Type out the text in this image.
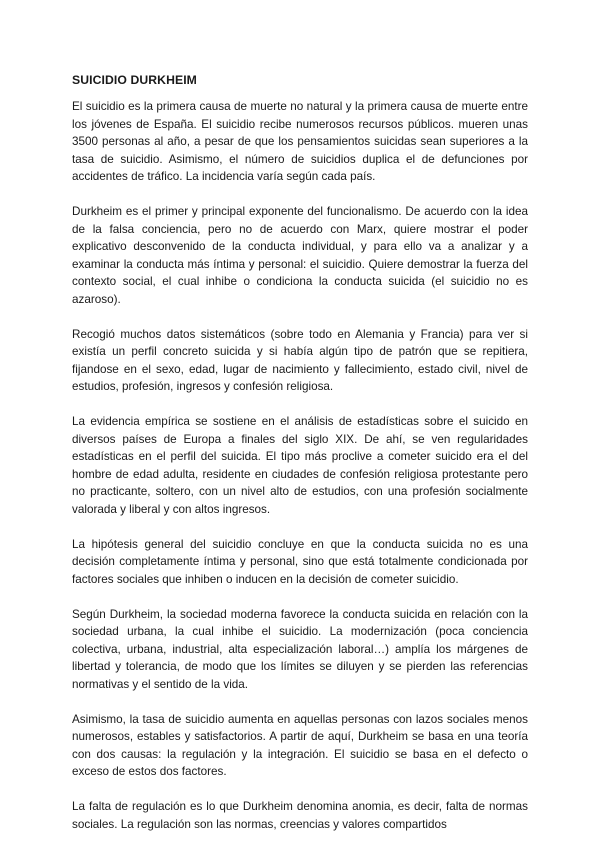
SUICIDIO DURKHEIM

El suicidio es la primera causa de muerte no natural y la primera causa de muerte entre los jóvenes de España. El suicidio recibe numerosos recursos públicos. mueren unas 3500 personas al año, a pesar de que los pensamientos suicidas sean superiores a la tasa de suicidio. Asimismo, el número de suicidios duplica el de defunciones por accidentes de tráfico. La incidencia varía según cada país.

Durkheim es el primer y principal exponente del funcionalismo. De acuerdo con la idea de la falsa conciencia, pero no de acuerdo con Marx, quiere mostrar el poder explicativo desconvenido de la conducta individual, y para ello va a analizar y a examinar la conducta más íntima y personal: el suicidio. Quiere demostrar la fuerza del contexto social, el cual inhibe o condiciona la conducta suicida (el suicidio no es azaroso).

Recogió muchos datos sistemáticos (sobre todo en Alemania y Francia) para ver si existía un perfil concreto suicida y si había algún tipo de patrón que se repitiera, fijandose en el sexo, edad, lugar de nacimiento y fallecimiento, estado civil, nivel de estudios, profesión, ingresos y confesión religiosa.

La evidencia empírica se sostiene en el análisis de estadísticas sobre el suicido en diversos países de Europa a finales del siglo XIX. De ahí, se ven regularidades estadísticas en el perfil del suicida. El tipo más proclive a cometer suicido era el del hombre de edad adulta, residente en ciudades de confesión religiosa protestante pero no practicante, soltero, con un nivel alto de estudios, con una profesión socialmente valorada y liberal y con altos ingresos.

La hipótesis general del suicidio concluye en que la conducta suicida no es una decisión completamente íntima y personal, sino que está totalmente condicionada por factores sociales que inhiben o inducen en la decisión de cometer suicidio.

Según Durkheim, la sociedad moderna favorece la conducta suicida en relación con la sociedad urbana, la cual inhibe el suicidio. La modernización (poca conciencia colectiva, urbana, industrial, alta especialización laboral…) amplía los márgenes de libertad y tolerancia, de modo que los límites se diluyen y se pierden las referencias normativas y el sentido de la vida.

Asimismo, la tasa de suicidio aumenta en aquellas personas con lazos sociales menos numerosos, estables y satisfactorios. A partir de aquí, Durkheim se basa en una teoría con dos causas: la regulación y la integración. El suicidio se basa en el defecto o exceso de estos dos factores.

La falta de regulación es lo que Durkheim denomina anomia, es decir, falta de normas sociales. La regulación son las normas, creencias y valores compartidos
